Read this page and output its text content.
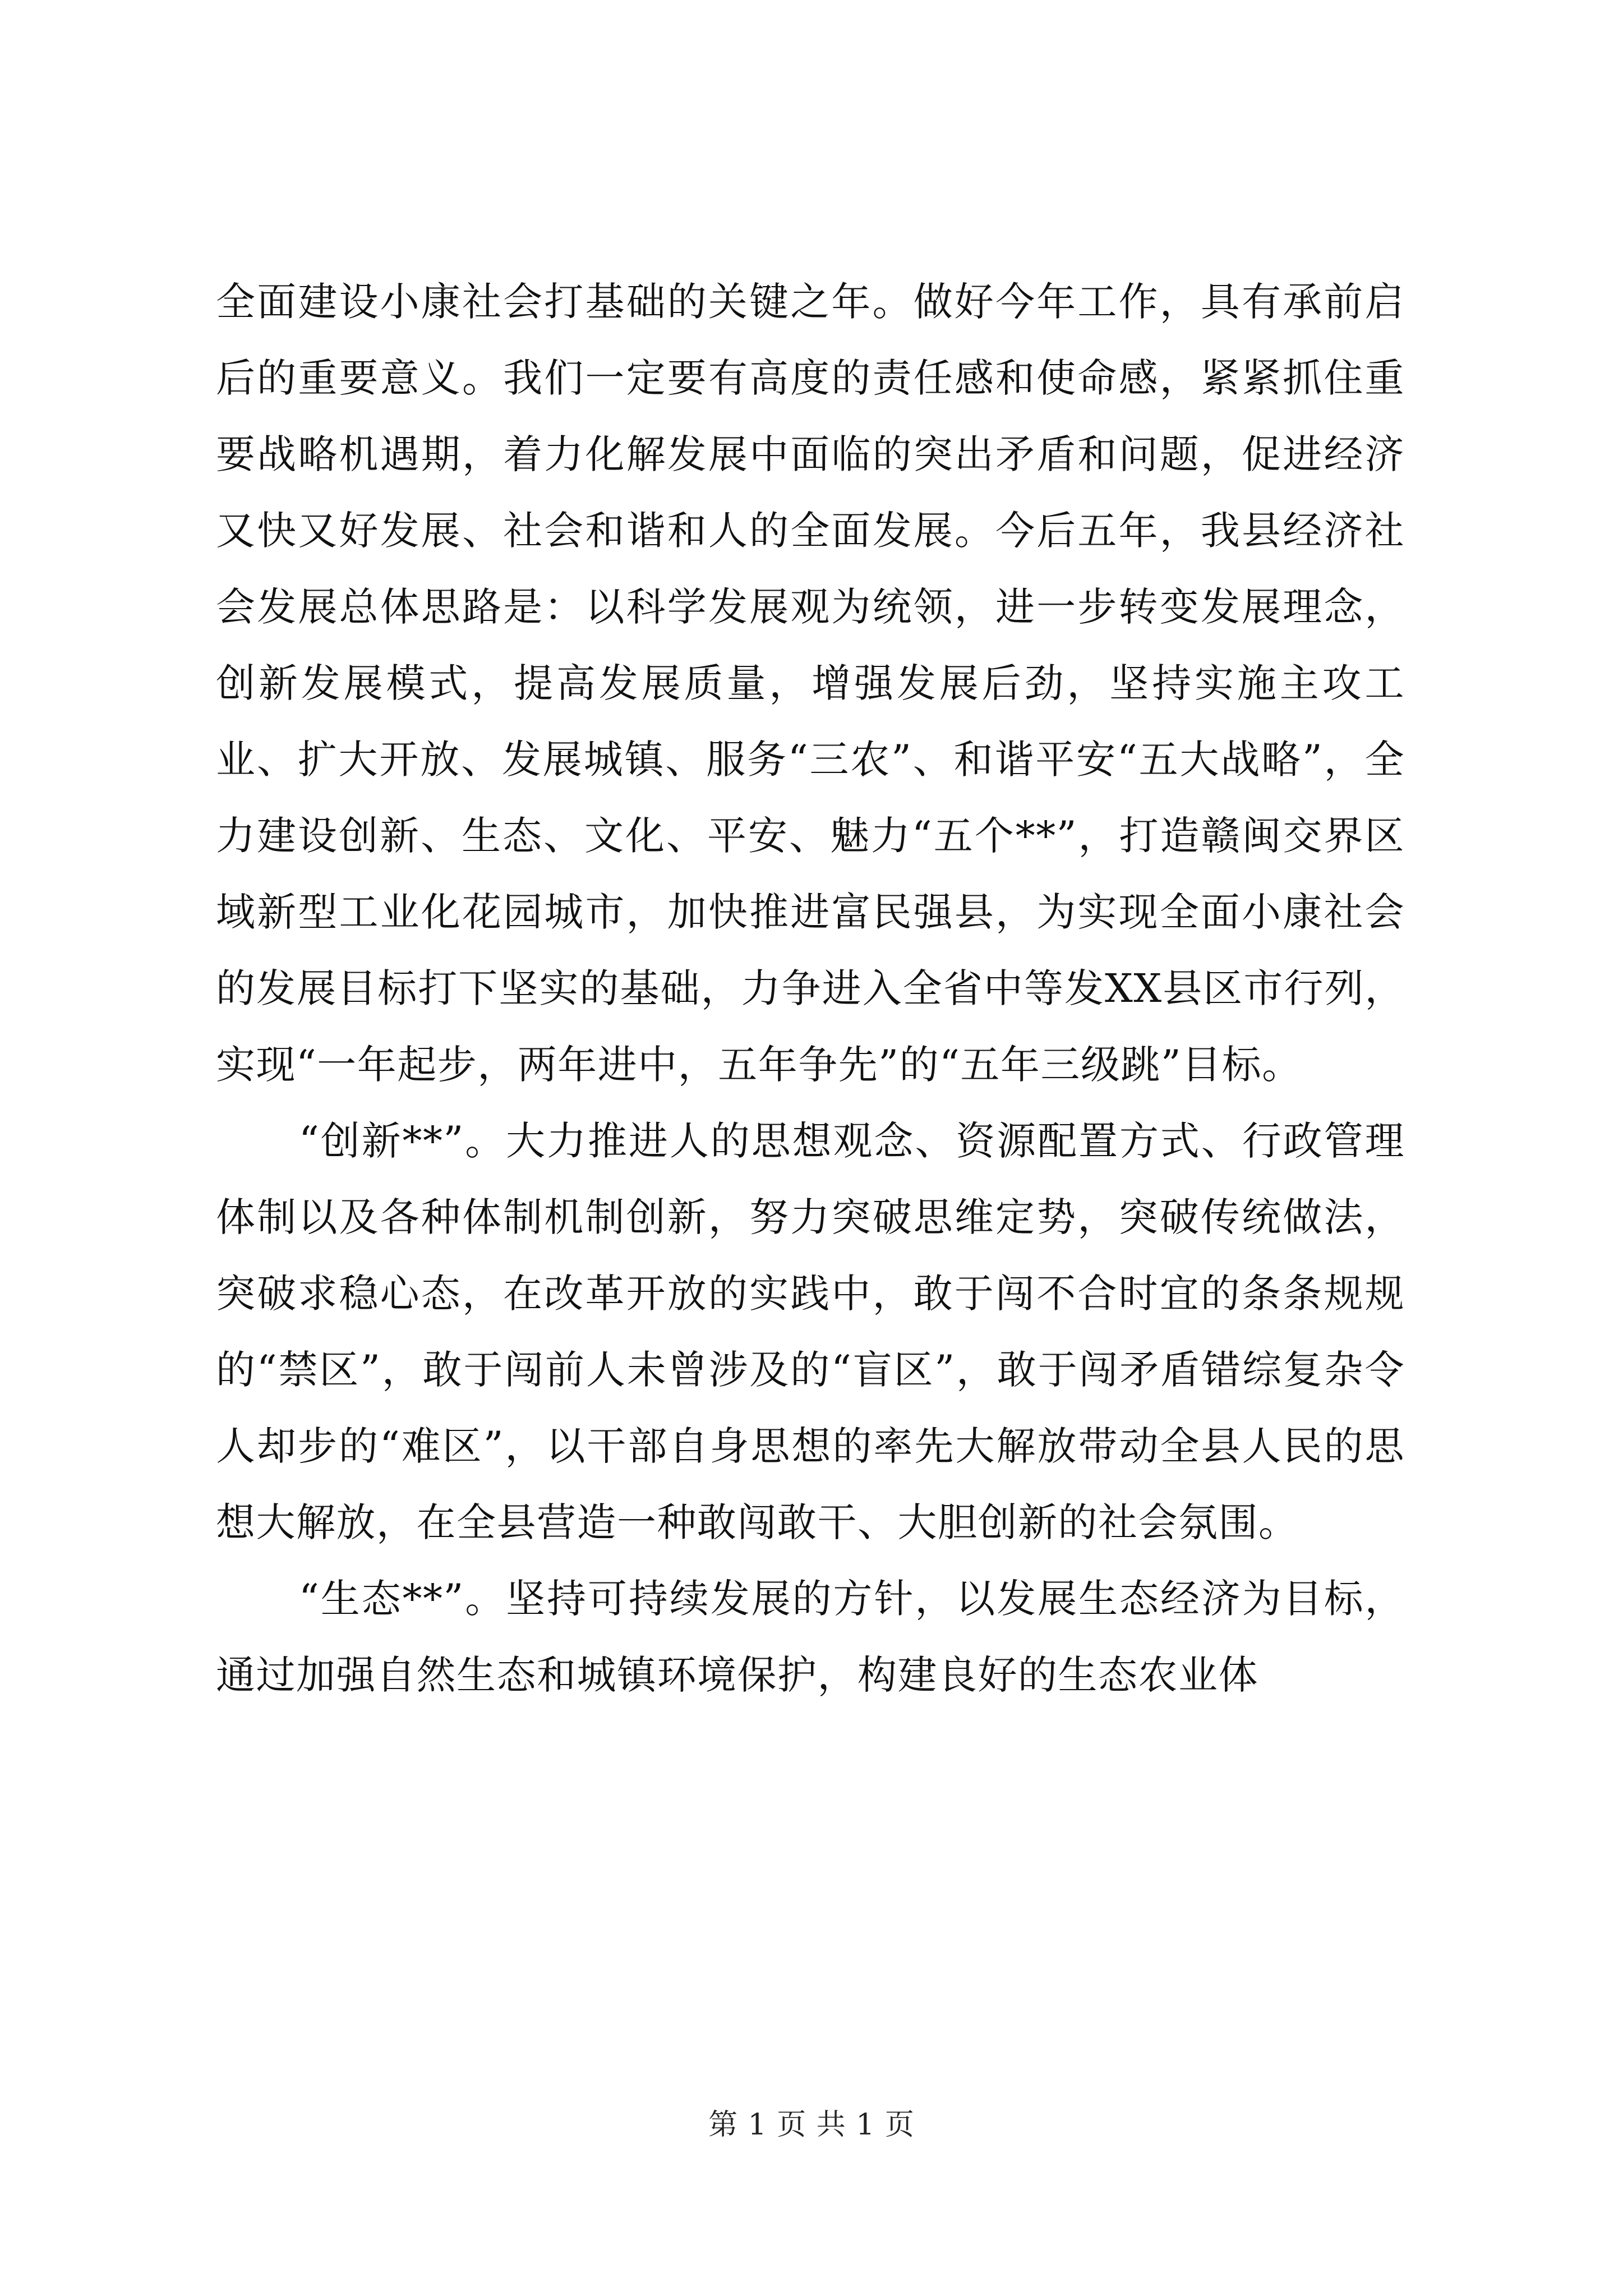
全面建设小康社会打基础的关键之年。做好今年工作，具有承前启后的重要意义。我们一定要有高度的责任感和使命感，紧紧抓住重要战略机遇期，着力化解发展中面临的突出矛盾和问题，促进经济又快又好发展、社会和谐和人的全面发展。今后五年，我县经济社会发展总体思路是：以科学发展观为统领，进一步转变发展理念，创新发展模式，提高发展质量，增强发展后劲，坚持实施主攻工业、扩大开放、发展城镇、服务“三农”、和谐平安“五大战略”，全力建设创新、生态、文化、平安、魅力“五个**”，打造赣闽交界区域新型工业化花园城市，加快推进富民强县，为实现全面小康社会的发展目标打下坚实的基础，力争进入全省中等发XX县区市行列，实现“一年起步，两年进中，五年争先”的“五年三级跳”目标。

“创新**”。大力推进人的思想观念、资源配置方式、行政管理体制以及各种体制机制创新，努力突破思维定势，突破传统做法，突破求稳心态，在改革开放的实践中，敢于闯不合时宜的条条规规的“禁区”，敢于闯前人未曾涉及的“盲区”，敢于闯矛盾错综复杂令人却步的“难区”，以干部自身思想的率先大解放带动全县人民的思想大解放，在全县营造一种敢闯敢干、大胆创新的社会氛围。

“生态**”。坚持可持续发展的方针，以发展生态经济为目标，通过加强自然生态和城镇环境保护，构建良好的生态农业体

第 1 页 共 1 页
